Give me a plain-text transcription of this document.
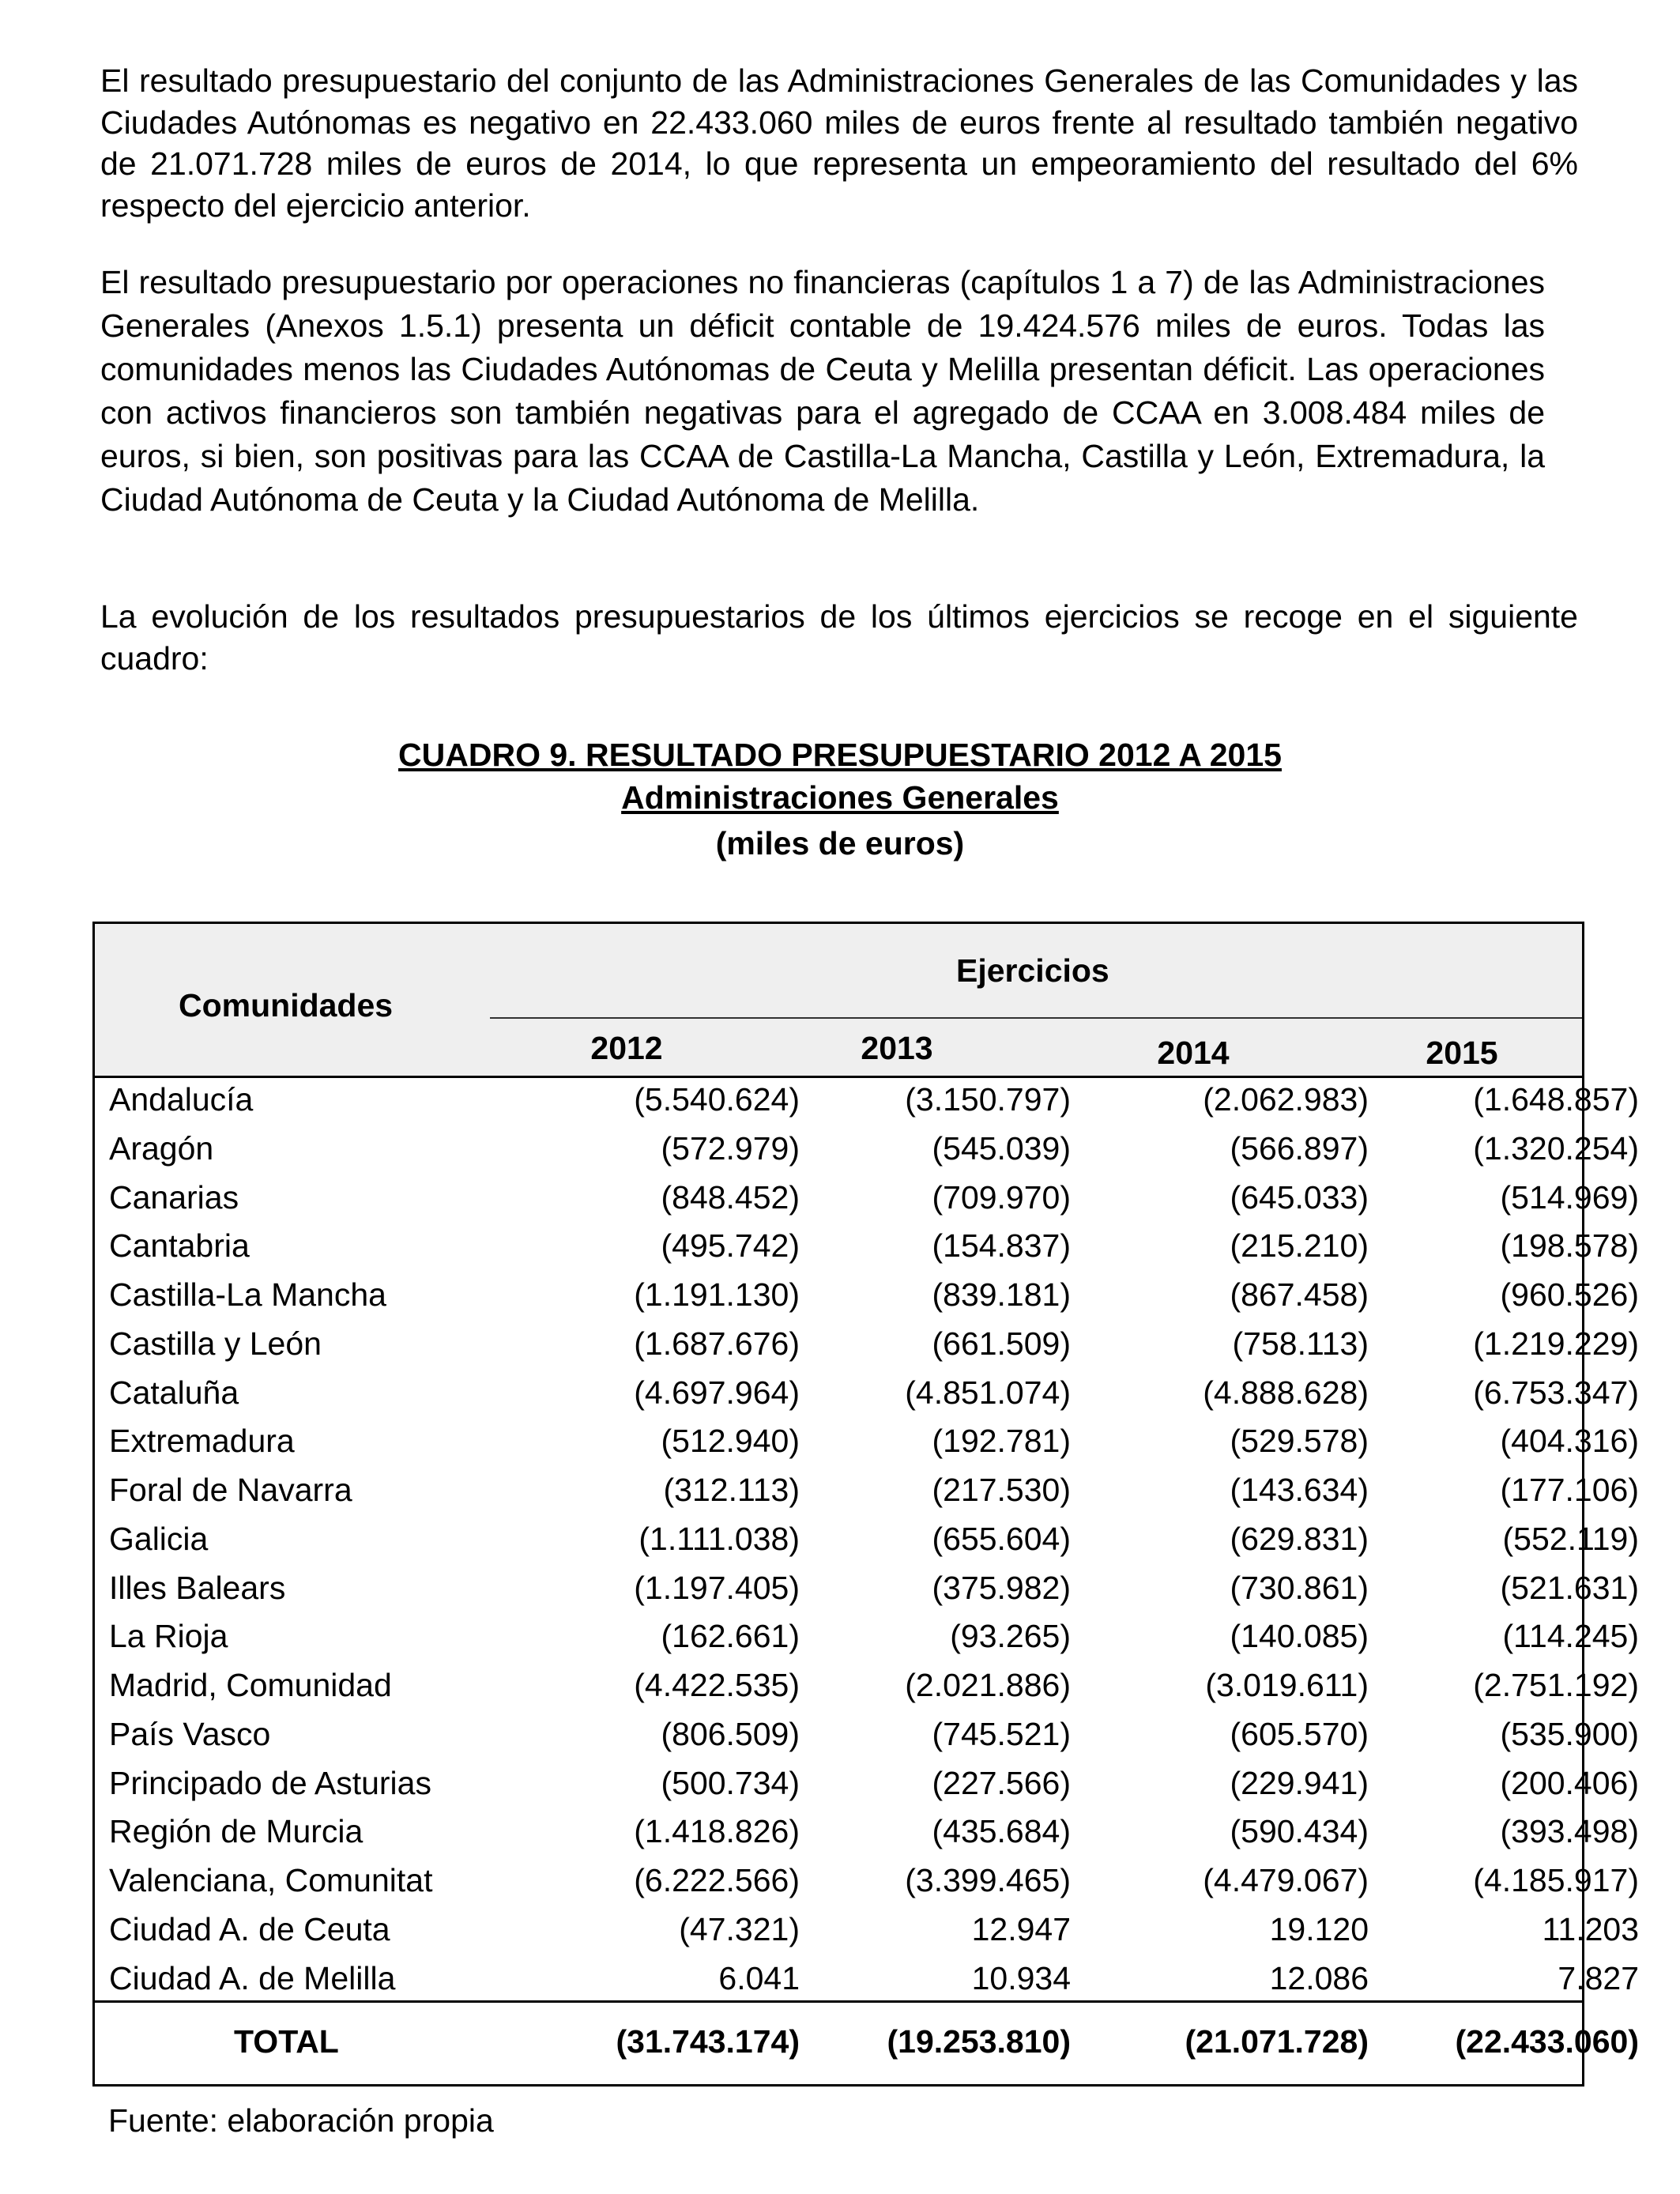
El resultado presupuestario del conjunto de las Administraciones Generales de las Comunidades y las Ciudades Autónomas es negativo en 22.433.060 miles de euros frente al resultado también negativo de 21.071.728 miles de euros de 2014, lo que representa un empeoramiento del resultado del 6% respecto del ejercicio anterior.

El resultado presupuestario por operaciones no financieras (capítulos 1 a 7) de las Administraciones Generales (Anexos 1.5.1) presenta un déficit contable de 19.424.576 miles de euros. Todas las comunidades menos las Ciudades Autónomas de Ceuta y Melilla presentan déficit. Las operaciones con activos financieros son también negativas para el agregado de CCAA en 3.008.484 miles de euros, si bien, son positivas para las CCAA de Castilla-La Mancha, Castilla y León, Extremadura, la Ciudad Autónoma de Ceuta y la Ciudad Autónoma de Melilla.

La evolución de los resultados presupuestarios de los últimos ejercicios se recoge en el siguiente cuadro:

CUADRO 9. RESULTADO PRESUPUESTARIO 2012 A 2015

Administraciones Generales

(miles de euros)

Comunidades
Ejercicios
2012	2013	2014	2015
Andalucía	(5.540.624)	(3.150.797)	(2.062.983)	(1.648.857)
Aragón	(572.979)	(545.039)	(566.897)	(1.320.254)
Canarias	(848.452)	(709.970)	(645.033)	(514.969)
Cantabria	(495.742)	(154.837)	(215.210)	(198.578)
Castilla-La Mancha	(1.191.130)	(839.181)	(867.458)	(960.526)
Castilla y León	(1.687.676)	(661.509)	(758.113)	(1.219.229)
Cataluña	(4.697.964)	(4.851.074)	(4.888.628)	(6.753.347)
Extremadura	(512.940)	(192.781)	(529.578)	(404.316)
Foral de Navarra	(312.113)	(217.530)	(143.634)	(177.106)
Galicia	(1.111.038)	(655.604)	(629.831)	(552.119)
Illes Balears	(1.197.405)	(375.982)	(730.861)	(521.631)
La Rioja	(162.661)	(93.265)	(140.085)	(114.245)
Madrid, Comunidad	(4.422.535)	(2.021.886)	(3.019.611)	(2.751.192)
País Vasco	(806.509)	(745.521)	(605.570)	(535.900)
Principado de Asturias	(500.734)	(227.566)	(229.941)	(200.406)
Región de Murcia	(1.418.826)	(435.684)	(590.434)	(393.498)
Valenciana, Comunitat	(6.222.566)	(3.399.465)	(4.479.067)	(4.185.917)
Ciudad A. de Ceuta	(47.321)	12.947	19.120	11.203
Ciudad A. de Melilla	6.041	10.934	12.086	7.827
TOTAL	(31.743.174)	(19.253.810)	(21.071.728)	(22.433.060)

Fuente: elaboración propia
